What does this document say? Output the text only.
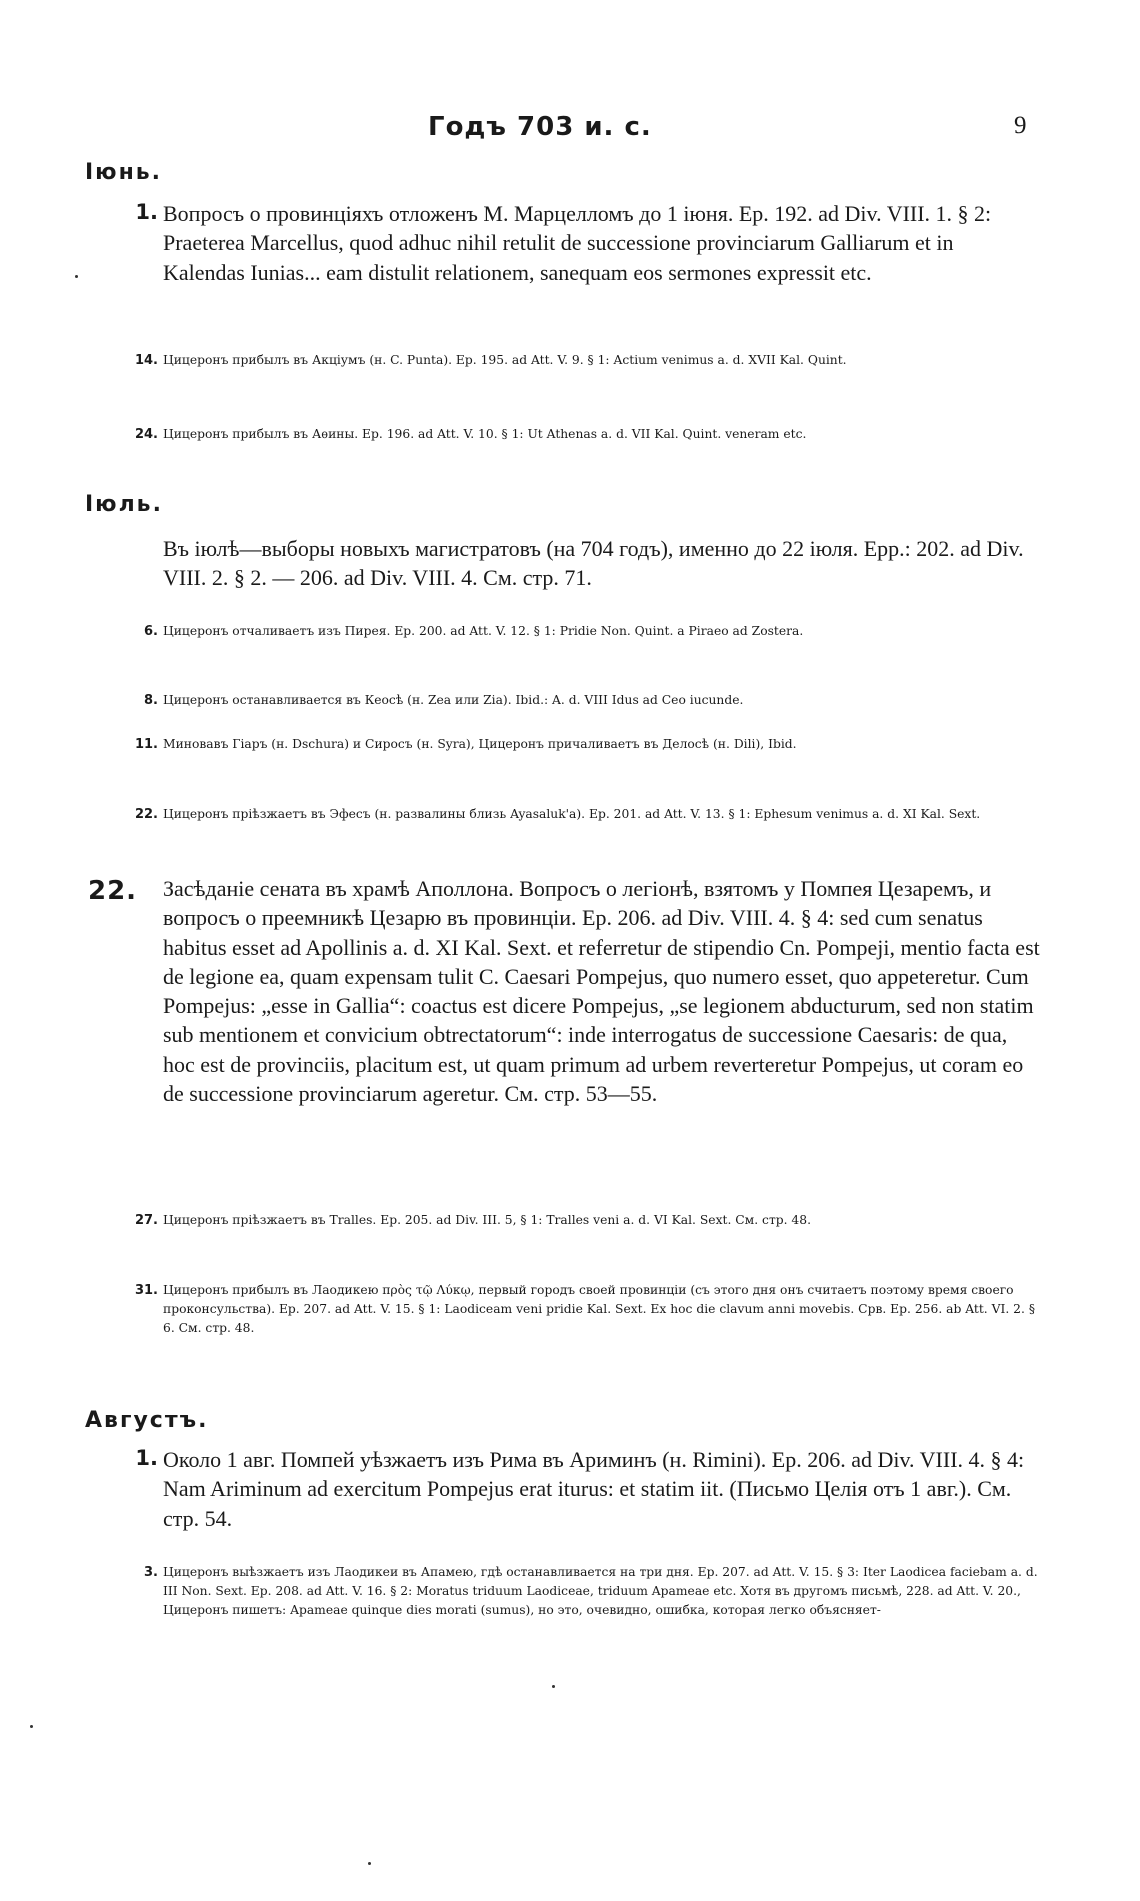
Годъ 703 и. с.	9
Іюнь.
1. Вопросъ о провинціяхъ отложенъ М. Марцелломъ до 1 іюня. Ер. 192. ad Div. VIII. 1. § 2: Praeterea Marcellus, quod adhuc nihil retulit de successione provinciarum Galliarum et in Kalendas Iunias... eam distulit relationem, sanequam eos sermones expressit etc.
14. Цицеронъ прибылъ въ Акціумъ (н. C. Punta). Ер. 195. ad Att. V. 9. § 1: Actium venimus a. d. XVII Kal. Quint.
24. Цицеронъ прибылъ въ Аѳины. Ер. 196. ad Att. V. 10. § 1: Ut Athenas a. d. VII Kal. Quint. veneram etc.
Іюль.
Въ іюлѣ—выборы новыхъ магистратовъ (на 704 годъ), именно до 22 іюля. Epp.: 202. ad Div. VIII. 2. § 2. — 206. ad Div. VIII. 4. См. стр. 71.
6. Цицеронъ отчаливаетъ изъ Пирея. Ер. 200. ad Att. V. 12. § 1: Pridie Non. Quint. a Piraeo ad Zostera.
8. Цицеронъ останавливается въ Кеосѣ (н. Zea или Zia). Ibid.: A. d. VIII Idus ad Ceo iucunde.
11. Миновавъ Гіаръ (н. Dschura) и Сиросъ (н. Syra), Цицеронъ причаливаетъ въ Делосѣ (н. Dili), Ibid.
22. Цицеронъ пріѣзжаетъ въ Эфесъ (н. развалины близь Ayasaluk'а). Ер. 201. ad Att. V. 13. § 1: Ephesum venimus a. d. XI Kal. Sext.
22.	Засѣданіе сената въ храмѣ Аполлона. Вопросъ о легіонѣ, взятомъ у Помпея Цезаремъ, и вопросъ о преемникѣ Цезарю въ провинціи. Ер. 206. ad Div. VIII. 4. § 4: sed cum senatus habitus esset ad Apollinis a. d. XI Kal. Sext. et referretur de stipendio Cn. Pompeji, mentio facta est de legione ea, quam expensam tulit C. Caesari Pompejus, quo numero esset, quo appeteretur. Cum Pompejus: „esse in Gallia“: coactus est dicere Pompejus, „se legionem abducturum, sed non statim sub mentionem et convicium obtrectatorum“: inde interrogatus de successione Caesaris: de qua, hoc est de provinciis, placitum est, ut quam primum ad urbem reverteretur Pompejus, ut coram eo de successione provinciarum ageretur. См. стр. 53—55.
27. Цицеронъ пріѣзжаетъ въ Tralles. Ер. 205. ad Div. III. 5, § 1: Tralles veni a. d. VI Kal. Sext. См. стр. 48.
31. Цицеронъ прибылъ въ Лаодикею πρὸς τῷ Λύκῳ, первый городъ своей провинціи (съ этого дня онъ считаетъ поэтому время своего проконсульства). Ер. 207. ad Att. V. 15. § 1: Laodiceam veni pridie Kal. Sext. Ex hoc die clavum anni movebis. Срв. Ер. 256. ab Att. VI. 2. § 6. См. стр. 48.
Августъ.
1. Около 1 авг. Помпей уѣзжаетъ изъ Рима въ Ариминъ (н. Rimini). Ер. 206. ad Div. VIII. 4. § 4: Nam Ariminum ad exercitum Pompejus erat iturus: et statim iit. (Письмо Целія отъ 1 авг.). См. стр. 54.
3. Цицеронъ выѣзжаетъ изъ Лаодикеи въ Апамею, гдѣ останавливается на три дня. Ер. 207. ad Att. V. 15. § 3: Iter Laodiceа faciebam a. d. III Non. Sext. Ер. 208. ad Att. V. 16. § 2: Moratus triduum Laodiceae, triduum Apameae etc. Хотя въ другомъ письмѣ, 228. ad Att. V. 20., Цицеронъ пишетъ: Apameae quinque dies morati (sumus), но это, очевидно, ошибка, которая легко объясняет-
